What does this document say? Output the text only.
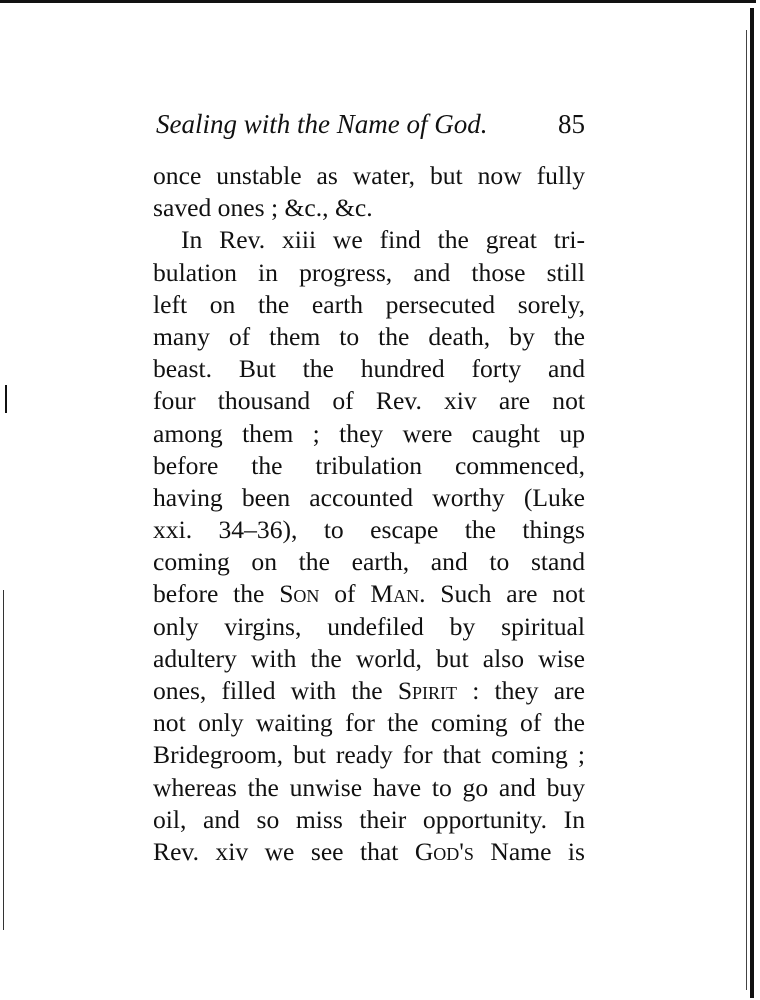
Sealing with the Name of God.	85
once unstable as water, but now fully
saved ones ; &c., &c.
In Rev. xiii we find the great tri-
bulation in progress, and those still
left on the earth persecuted sorely,
many of them to the death, by the
beast. But the hundred forty and
four thousand of Rev. xiv are not
among them ; they were caught up
before the tribulation commenced,
having been accounted worthy (Luke
xxi. 34–36), to escape the things
coming on the earth, and to stand
before the Son of Man. Such are not
only virgins, undefiled by spiritual
adultery with the world, but also wise
ones, filled with the Spirit : they are
not only waiting for the coming of the
Bridegroom, but ready for that coming ;
whereas the unwise have to go and buy
oil, and so miss their opportunity. In
Rev. xiv we see that God's Name is
